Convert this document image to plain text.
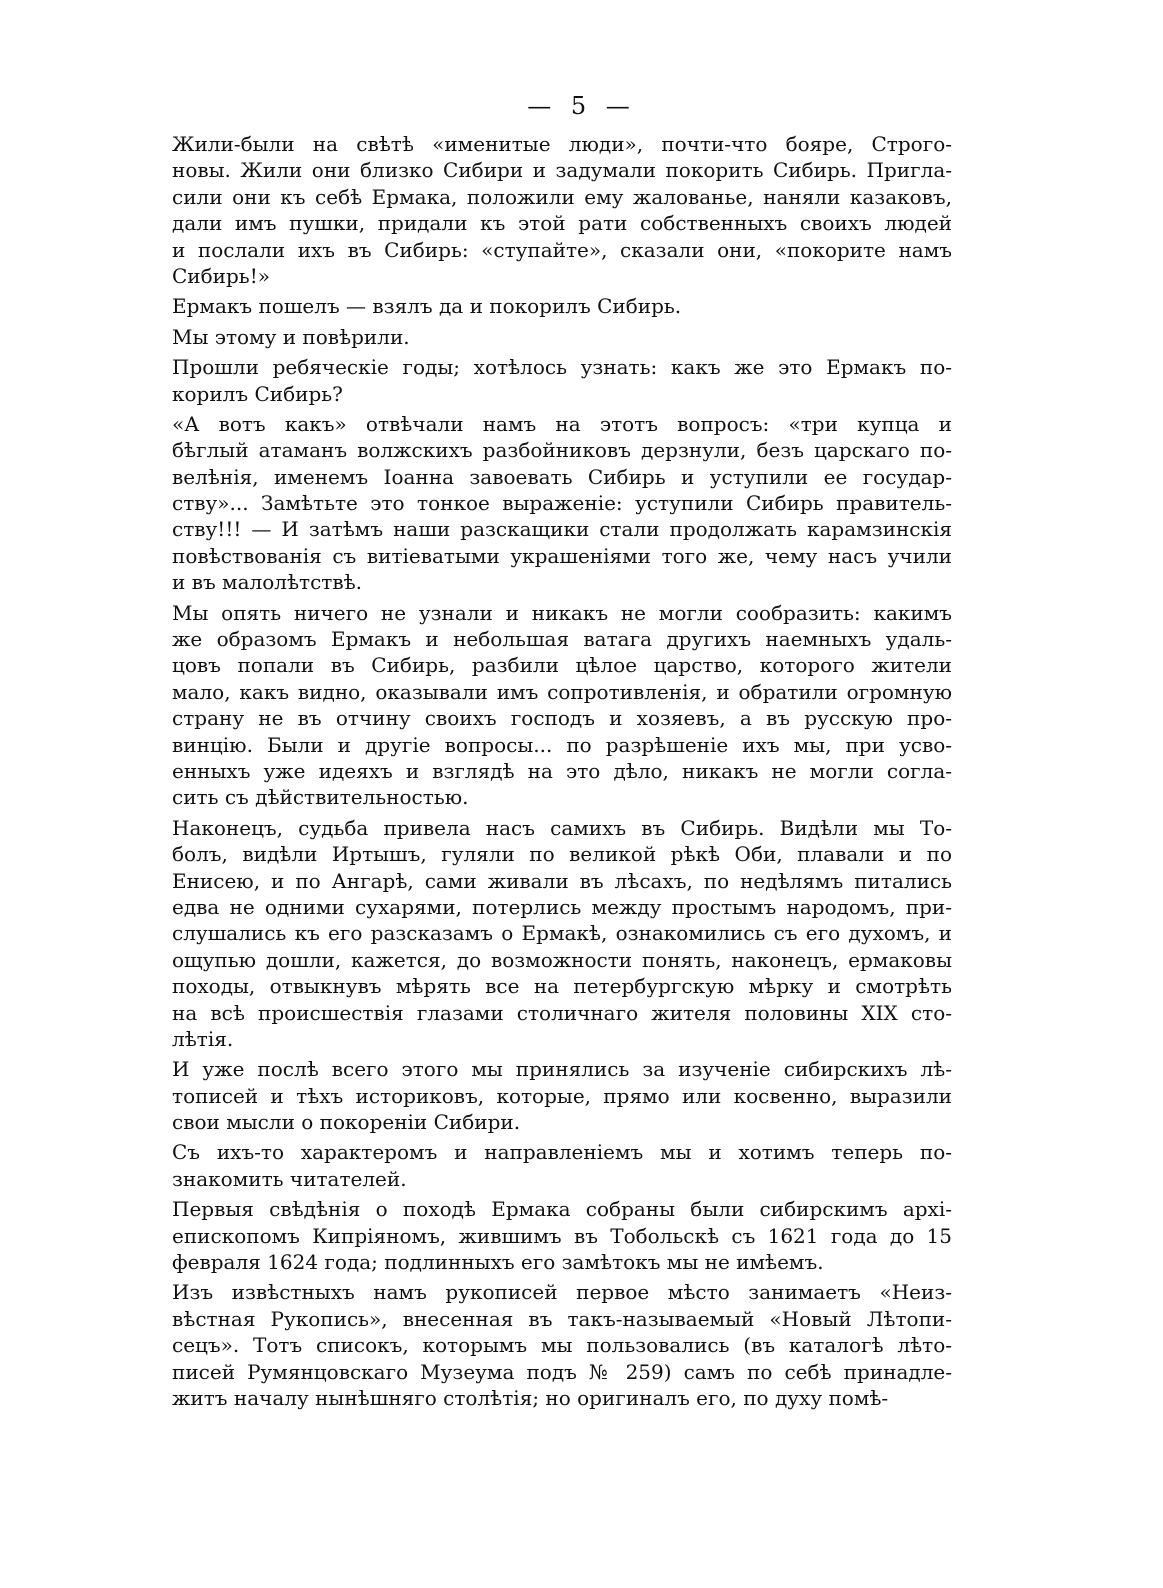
— 5 —
Жили-были на свѣтѣ «именитые люди», почти-что бояре, Строго-
новы. Жили они близко Сибири и задумали покорить Сибирь. Пригла-
сили они къ себѣ Ермака, положили ему жалованье, наняли казаковъ,
дали имъ пушки, придали къ этой рати собственныхъ своихъ людей
и послали ихъ въ Сибирь: «ступайте», сказали они, «покорите намъ
Сибирь!»
Ермакъ пошелъ — взялъ да и покорилъ Сибирь.
Мы этому и повѣрили.
Прошли ребяческіе годы; хотѣлось узнать: какъ же это Ермакъ по-
корилъ Сибирь?
«А вотъ какъ» отвѣчали намъ на этотъ вопросъ: «три купца и
бѣглый атаманъ волжскихъ разбойниковъ дерзнули, безъ царскаго по-
велѣнія, именемъ Іоанна завоевать Сибирь и уступили ее государ-
ству»... Замѣтьте это тонкое выраженіе: уступили Сибирь правитель-
ству!!! — И затѣмъ наши разскащики стали продолжать карамзинскія
повѣствованія съ витіеватыми украшеніями того же, чему насъ учили
и въ малолѣтствѣ.
Мы опять ничего не узнали и никакъ не могли сообразить: какимъ
же образомъ Ермакъ и небольшая ватага другихъ наемныхъ удаль-
цовъ попали въ Сибирь, разбили цѣлое царство, которого жители
мало, какъ видно, оказывали имъ сопротивленія, и обратили огромную
страну не въ отчину своихъ господъ и хозяевъ, а въ русскую про-
винцію. Были и другіе вопросы... по разрѣшеніе ихъ мы, при усво-
енныхъ уже идеяхъ и взглядѣ на это дѣло, никакъ не могли согла-
сить съ дѣйствительностью.
Наконецъ, судьба привела насъ самихъ въ Сибирь. Видѣли мы То-
болъ, видѣли Иртышъ, гуляли по великой рѣкѣ Оби, плавали и по
Енисею, и по Ангарѣ, сами живали въ лѣсахъ, по недѣлямъ питались
едва не одними сухарями, потерлись между простымъ народомъ, при-
слушались къ его разсказамъ о Ермакѣ, ознакомились съ его духомъ, и
ощупью дошли, кажется, до возможности понять, наконецъ, ермаковы
походы, отвыкнувъ мѣрять все на петербургскую мѣрку и смотрѣть
на всѣ происшествія глазами столичнаго жителя половины XIX сто-
лѣтія.
И уже послѣ всего этого мы принялись за изученіе сибирскихъ лѣ-
тописей и тѣхъ историковъ, которые, прямо или косвенно, выразили
свои мысли о покореніи Сибири.
Съ ихъ-то характеромъ и направленіемъ мы и хотимъ теперь по-
знакомить читателей.
Первыя свѣдѣнія о походѣ Ермака собраны были сибирскимъ архі-
епископомъ Кипріяномъ, жившимъ въ Тобольскѣ съ 1621 года до 15
февраля 1624 года; подлинныхъ его замѣтокъ мы не имѣемъ.
Изъ извѣстныхъ намъ рукописей первое мѣсто занимаетъ «Неиз-
вѣстная Рукопись», внесенная въ такъ-называемый «Новый Лѣтопи-
сецъ». Тотъ списокъ, которымъ мы пользовались (въ каталогѣ лѣто-
писей Румянцовскаго Музеума подъ № 259) самъ по себѣ принадле-
житъ началу нынѣшняго столѣтія; но оригиналъ его, по духу помѣ-
